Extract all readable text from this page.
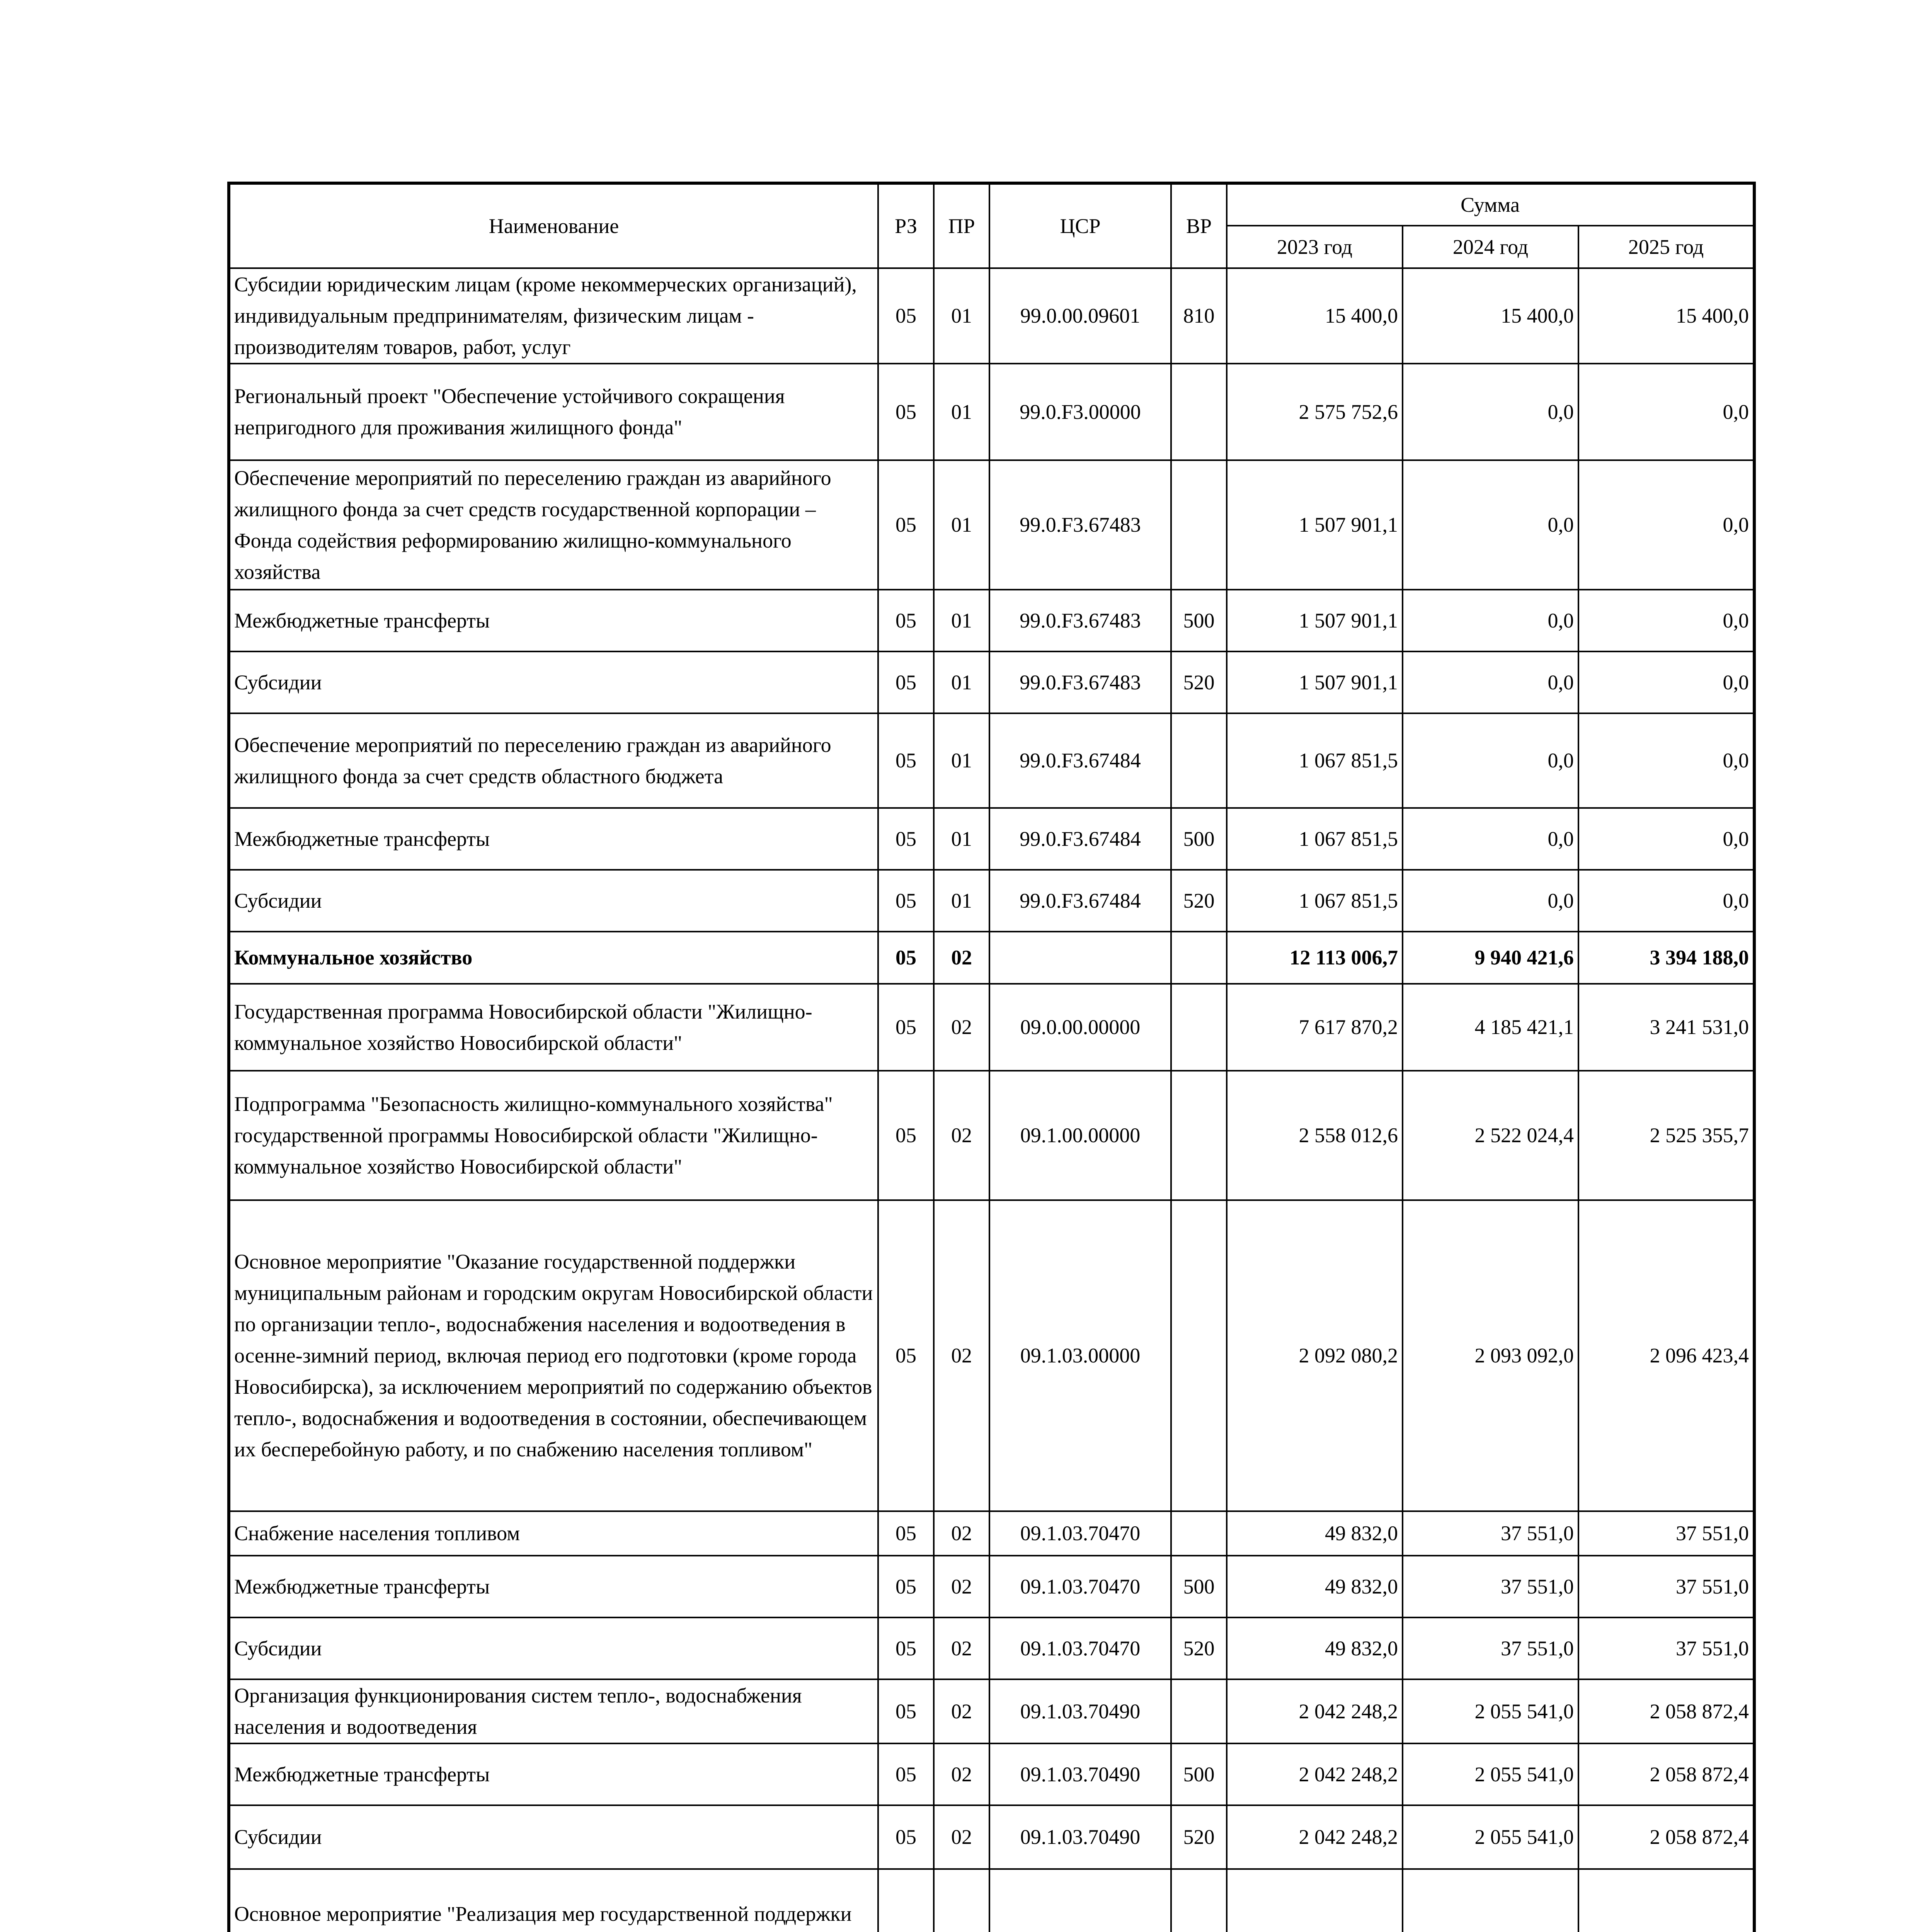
Наименование	РЗ	ПР	ЦСР	ВР	Сумма		
					2023 год	2024 год	2025 год
Субсидии юридическим лицам (кроме некоммерческих организаций), индивидуальным предпринимателям, физическим лицам - производителям товаров, работ, услуг	05	01	99.0.00.09601	810	15 400,0	15 400,0	15 400,0
Региональный проект "Обеспечение устойчивого сокращения непригодного для проживания жилищного фонда"	05	01	99.0.F3.00000		2 575 752,6	0,0	0,0
Обеспечение мероприятий по переселению граждан из аварийного жилищного фонда за счет средств государственной корпорации – Фонда содействия реформированию жилищно-коммунального хозяйства	05	01	99.0.F3.67483		1 507 901,1	0,0	0,0
Межбюджетные трансферты	05	01	99.0.F3.67483	500	1 507 901,1	0,0	0,0
Субсидии	05	01	99.0.F3.67483	520	1 507 901,1	0,0	0,0
Обеспечение мероприятий по переселению граждан из аварийного жилищного фонда за счет средств областного бюджета	05	01	99.0.F3.67484		1 067 851,5	0,0	0,0
Межбюджетные трансферты	05	01	99.0.F3.67484	500	1 067 851,5	0,0	0,0
Субсидии	05	01	99.0.F3.67484	520	1 067 851,5	0,0	0,0
Коммунальное хозяйство	05	02			12 113 006,7	9 940 421,6	3 394 188,0
Государственная программа Новосибирской области "Жилищно-коммунальное хозяйство Новосибирской области"	05	02	09.0.00.00000		7 617 870,2	4 185 421,1	3 241 531,0
Подпрограмма "Безопасность жилищно-коммунального хозяйства" государственной программы Новосибирской области "Жилищно-коммунальное хозяйство Новосибирской области"	05	02	09.1.00.00000		2 558 012,6	2 522 024,4	2 525 355,7
Основное мероприятие "Оказание государственной поддержки муниципальным районам и городским округам Новосибирской области по организации тепло-, водоснабжения населения и водоотведения в осенне-зимний период, включая период его подготовки (кроме города Новосибирска), за исключением мероприятий по содержанию объектов тепло-, водоснабжения и водоотведения в состоянии, обеспечивающем их бесперебойную работу, и по снабжению населения топливом"	05	02	09.1.03.00000		2 092 080,2	2 093 092,0	2 096 423,4
Снабжение населения топливом	05	02	09.1.03.70470		49 832,0	37 551,0	37 551,0
Межбюджетные трансферты	05	02	09.1.03.70470	500	49 832,0	37 551,0	37 551,0
Субсидии	05	02	09.1.03.70470	520	49 832,0	37 551,0	37 551,0
Организация функционирования систем тепло-, водоснабжения населения и водоотведения	05	02	09.1.03.70490		2 042 248,2	2 055 541,0	2 058 872,4
Межбюджетные трансферты	05	02	09.1.03.70490	500	2 042 248,2	2 055 541,0	2 058 872,4
Субсидии	05	02	09.1.03.70490	520	2 042 248,2	2 055 541,0	2 058 872,4
Основное мероприятие "Реализация мер государственной поддержки							
